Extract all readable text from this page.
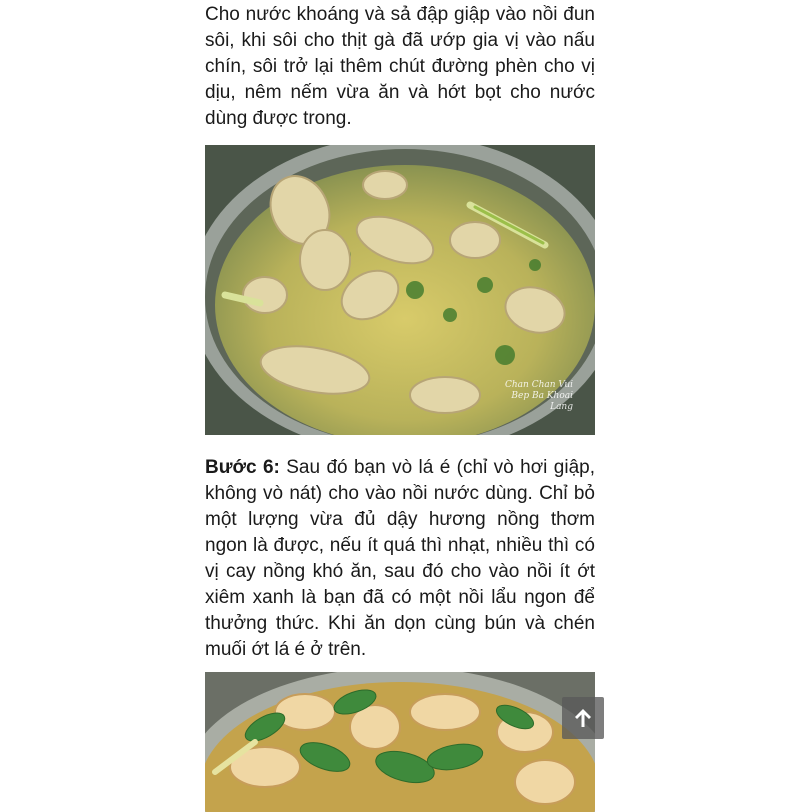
Cho nước khoáng và sả đập giập vào nồi đun sôi, khi sôi cho thịt gà đã ướp gia vị vào nấu chín, sôi trở lại thêm chút đường phèn cho vị dịu, nêm nếm vừa ăn và hớt bọt cho nước dùng được trong.

Chan Chan Vui Bep Ba Khoai Lang

Bước 6: Sau đó bạn vò lá é (chỉ vò hơi giập, không vò nát) cho vào nồi nước dùng. Chỉ bỏ một lượng vừa đủ dậy hương nồng thơm ngon là được, nếu ít quá thì nhạt, nhiều thì có vị cay nồng khó ăn, sau đó cho vào nồi ít ớt xiêm xanh là bạn đã có một nồi lẩu ngon để thưởng thức. Khi ăn dọn cùng bún và chén muối ớt lá é ở trên.
